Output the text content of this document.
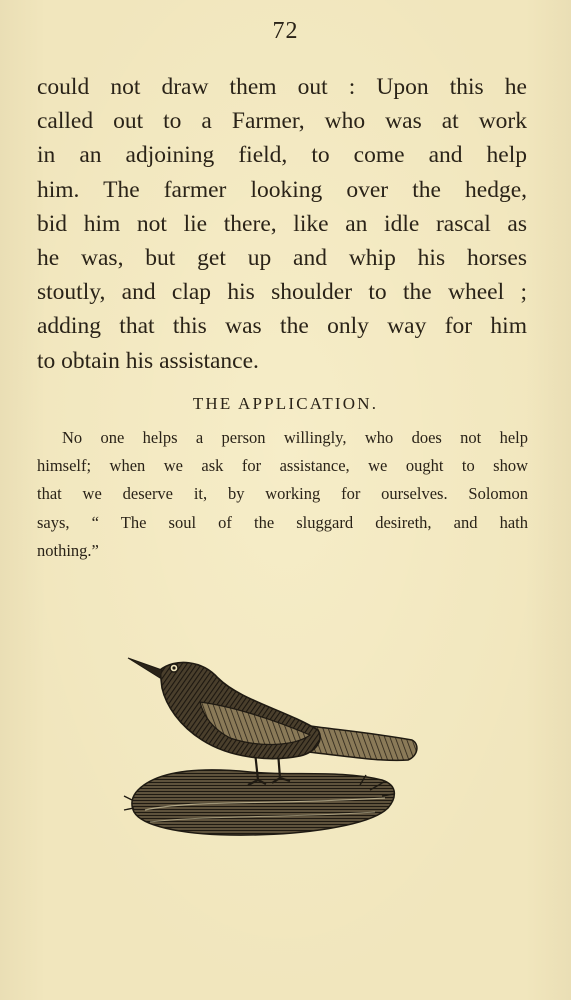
72
could not draw them out : Upon this he
called out to a Farmer, who was at work
in an adjoining field, to come and help
him. The farmer looking over the hedge,
bid him not lie there, like an idle rascal as
he was, but get up and whip his horses
stoutly, and clap his shoulder to the wheel ;
adding that this was the only way for him
to obtain his assistance.
THE APPLICATION.
No one helps a person willingly, who does not help
himself; when we ask for assistance, we ought to show
that we deserve it, by working for ourselves. Solomon
says, “ The soul of the sluggard desireth, and hath
nothing.”
